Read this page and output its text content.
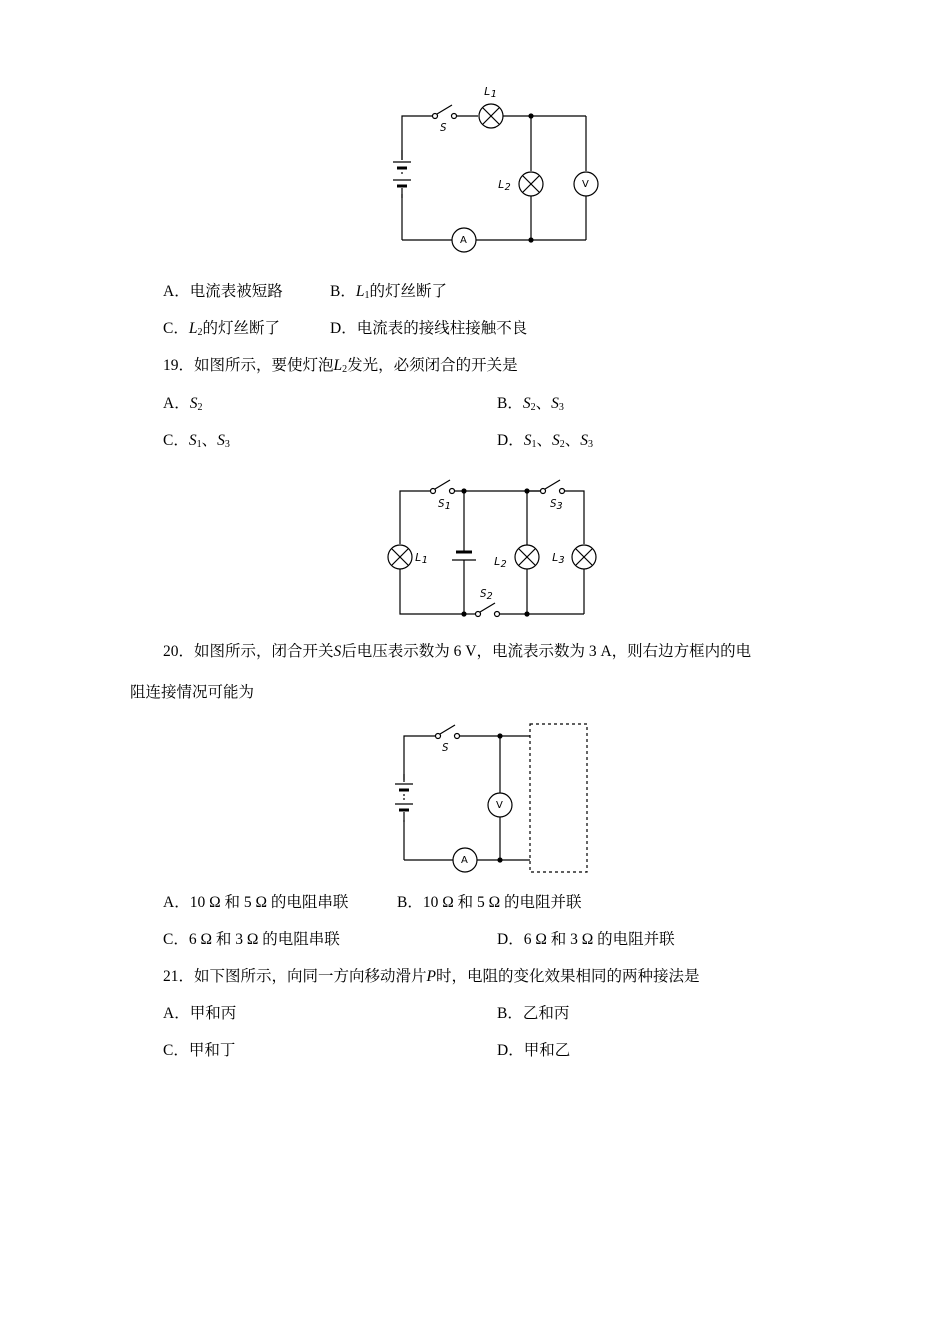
S
$L_1$
$L_2$	V
A
A．电流表被短路	B．$L_1$的灯丝断了
C．$L_2$的灯丝断了	D．电流表的接线柱接触不良
19．如图所示，要使灯泡$L_2$发光，必须闭合的开关是
A．$S_2$	B．$S_2$、$S_3$
C．$S_1$、$S_3$	D．$S_1$、$S_2$、$S_3$
$S_1$	$S_3$
$S_2$
$L_1$	$L_2$
$L_3$
20．如图所示，闭合开关S后电压表示数为 6 V，电流表示数为 3 A，则右边方框内的电
阻连接情况可能为
S
V
A
A．10 Ω 和 5 Ω 的电阻串联	B．10 Ω 和 5 Ω 的电阻并联
C．6 Ω 和 3 Ω 的电阻串联	D．6 Ω 和 3 Ω 的电阻并联
21．如下图所示，向同一方向移动滑片P时，电阻的变化效果相同的两种接法是
A．甲和丙	B．乙和丙
C．甲和丁	D．甲和乙
